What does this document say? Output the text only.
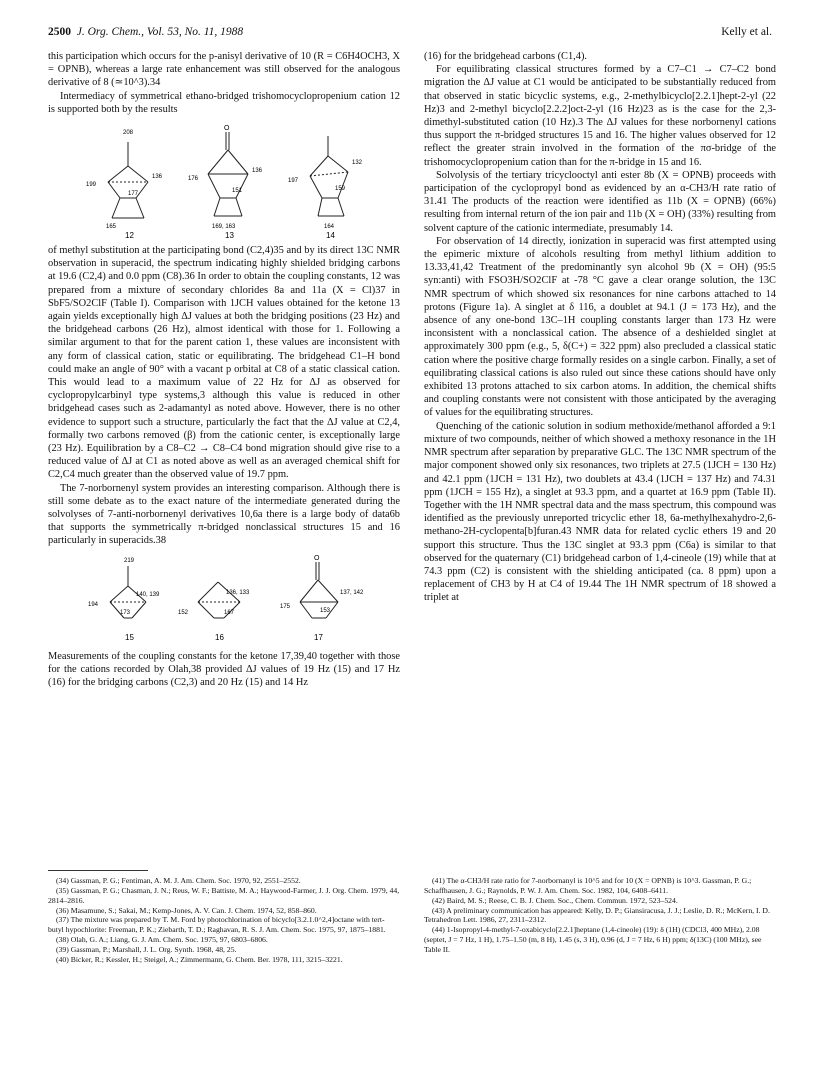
2500 J. Org. Chem., Vol. 53, No. 11, 1988	Kelly et al.

this participation which occurs for the p-anisyl derivative of 10 (R = C6H4OCH3, X = OPNB), whereas a large rate enhancement was still observed for the analogous derivative of 8 (≃10^3).34

Intermediacy of symmetrical ethano-bridged trishomocyclopropenium cation 12 is supported both by the results

208
136
199
177
165
O
136
176
151
169, 163
132
197
159
164
12	13	14

of methyl substitution at the participating bond (C2,4)35 and by its direct 13C NMR observation in superacid, the spectrum indicating highly shielded bridging carbons at 19.6 (C2,4) and 0.0 ppm (C8).36 In order to obtain the coupling constants, 12 was prepared from a mixture of secondary chlorides 8a and 11a (X = Cl)37 in SbF5/SO2ClF (Table I). Comparison with 1JCH values obtained for the ketone 13 again yields exceptionally high ΔJ values at both the bridging positions (23 Hz) and the bridgehead carbons (26 Hz), almost identical with those for 1. Following a similar argument to that for the parent cation 1, these values are inconsistent with any form of classical cation, static or equilibrating. The bridgehead C1–H bond could make an angle of 90° with a vacant p orbital at C8 of a static classical cation. This would lead to a maximum value of 22 Hz for ΔJ as observed for cyclopropylcarbinyl type systems,3 although this value is reduced in other bridgehead cases such as 2-adamantyl as noted above. However, there is no other evidence to support such a structure, particularly the fact that the ΔJ value at C2,4, formally two carbons removed (β) from the cationic center, is exceptionally large (23 Hz). Equilibration by a C8–C2 → C8–C4 bond migration should give rise to a reduced value of ΔJ at C1 as noted above as well as an averaged chemical shift for C2,C4 much greater than the observed value of 19.7 ppm.

The 7-norbornenyl system provides an interesting comparison. Although there is still some debate as to the exact nature of the intermediate generated during the solvolyses of 7-anti-norbornenyl derivatives 10,6a there is a large body of data6b that supports the symmetrically π-bridged nonclassical structures 15 and 16 particularly in superacids.38

219
194
140, 139
173
136, 133
152	167
O
137, 142
175
153
15	16	17

Measurements of the coupling constants for the ketone 17,39,40 together with those for the cations recorded by Olah,38 provided ΔJ values of 19 Hz (15) and 17 Hz (16) for the bridging carbons (C2,3) and 20 Hz (15) and 14 Hz

(16) for the bridgehead carbons (C1,4).

For equilibrating classical structures formed by a C7–C1 → C7–C2 bond migration the ΔJ value at C1 would be anticipated to be substantially reduced from that observed in static bicyclic systems, e.g., 2-methylbicyclo[2.2.1]hept-2-yl (22 Hz)3 and 2-methyl bicyclo[2.2.2]oct-2-yl (16 Hz)23 as is the case for the 2,3-dimethyl-substituted cation (10 Hz).3 The ΔJ values for these norbornenyl cations thus support the π-bridged structures 15 and 16. The higher values observed for 12 reflect the greater strain involved in the formation of the πσ-bridge of the trishomocyclopropenium cation than for the π-bridge in 15 and 16.

Solvolysis of the tertiary tricyclooctyl anti ester 8b (X = OPNB) proceeds with participation of the cyclopropyl bond as evidenced by an α-CH3/H rate ratio of 31.41 The products of the reaction were identified as 11b (X = OPNB) (66%) resulting from internal return of the ion pair and 11b (X = OH) (33%) resulting from solvent capture of the cationic intermediate, presumably 14.

For observation of 14 directly, ionization in superacid was first attempted using the epimeric mixture of alcohols resulting from methyl lithium addition to 13.33,41,42 Treatment of the predominantly syn alcohol 9b (X = OH) (95:5 syn:anti) with FSO3H/SO2ClF at -78 °C gave a clear orange solution, the 13C NMR spectrum of which showed six resonances for nine carbons attached to 14 protons (Figure 1a). A singlet at δ 116, a doublet at 94.1 (J = 173 Hz), and the absence of any one-bond 13C–1H coupling constants larger than 173 Hz were inconsistent with a nonclassical cation. The absence of a deshielded singlet at approximately 300 ppm (e.g., 5, δ(C+) = 322 ppm) also precluded a classical static cation where the positive charge formally resides on a single carbon. Finally, a set of equilibrating classical cations is also ruled out since these cations should have only exhibited 13 protons attached to six carbon atoms. In addition, the chemical shifts and coupling constants were not consistent with those anticipated by the averaging of values for the equilibrating structures.

Quenching of the cationic solution in sodium methoxide/methanol afforded a 9:1 mixture of two compounds, neither of which showed a methoxy resonance in the 1H NMR spectrum after separation by preparative GLC. The 13C NMR spectrum of the major component showed only six resonances, two triplets at 27.5 (1JCH = 130 Hz) and 42.1 ppm (1JCH = 131 Hz), two doublets at 43.4 (1JCH = 137 Hz) and 74.31 ppm (1JCH = 155 Hz), a singlet at 93.3 ppm, and a quartet at 16.9 ppm (Table II). Together with the 1H NMR spectral data and the mass spectrum, this compound was identified as the previously unreported tricyclic ether 18, 6a-methylhexahydro-2,6-methano-2H-cyclopenta[b]furan.43 NMR data for related cyclic ethers 19 and 20 support this structure. Thus the 13C singlet at 93.3 ppm (C6a) is similar to that observed for the quaternary (C1) bridgehead carbon of 1,4-cineole (19) while that at 74.3 ppm (C2) is consistent with the shielding anticipated (ca. 8 ppm) upon a replacement of CH3 by H at C4 of 19.44 The 1H NMR spectrum of 18 showed a triplet at

(34) Gassman, P. G.; Fentiman, A. M. J. Am. Chem. Soc. 1970, 92, 2551–2552.
(35) Gassman, P. G.; Chasman, J. N.; Reus, W. F.; Battiste, M. A.; Haywood-Farmer, J. J. Org. Chem. 1979, 44, 2814–2816.
(36) Masamune, S.; Sakai, M.; Kemp-Jones, A. V. Can. J. Chem. 1974, 52, 858–860.
(37) The mixture was prepared by T. M. Ford by photochlorination of bicyclo[3.2.1.0^2,4]octane with tert-butyl hypochlorite: Freeman, P. K.; Ziebarth, T. D.; Raghavan, R. S. J. Am. Chem. Soc. 1975, 97, 1875–1881.
(38) Olah, G. A.; Liang, G. J. Am. Chem. Soc. 1975, 97, 6803–6806.
(39) Gassman, P.; Marshall, J. L. Org. Synth. 1968, 48, 25.
(40) Bicker, R.; Kessler, H.; Steigel, A.; Zimmermann, G. Chem. Ber. 1978, 111, 3215–3221.
(41) The α-CH3/H rate ratio for 7-norbornanyl is 10^5 and for 10 (X = OPNB) is 10^3. Gassman, P. G.; Schaffhausen, J. G.; Raynolds, P. W. J. Am. Chem. Soc. 1982, 104, 6408–6411.
(42) Baird, M. S.; Reese, C. B. J. Chem. Soc., Chem. Commun. 1972, 523–524.
(43) A preliminary communication has appeared: Kelly, D. P.; Giansiracusa, J. J.; Leslie, D. R.; McKern, I. D. Tetrahedron Lett. 1986, 27, 2311–2312.
(44) 1-Isopropyl-4-methyl-7-oxabicyclo[2.2.1]heptane (1,4-cineole) (19): δ (1H) (CDCl3, 400 MHz), 2.08 (septet, J = 7 Hz, 1 H), 1.75–1.50 (m, 8 H), 1.45 (s, 3 H), 0.96 (d, J = 7 Hz, 6 H) ppm; δ(13C) (100 MHz), see Table II.
